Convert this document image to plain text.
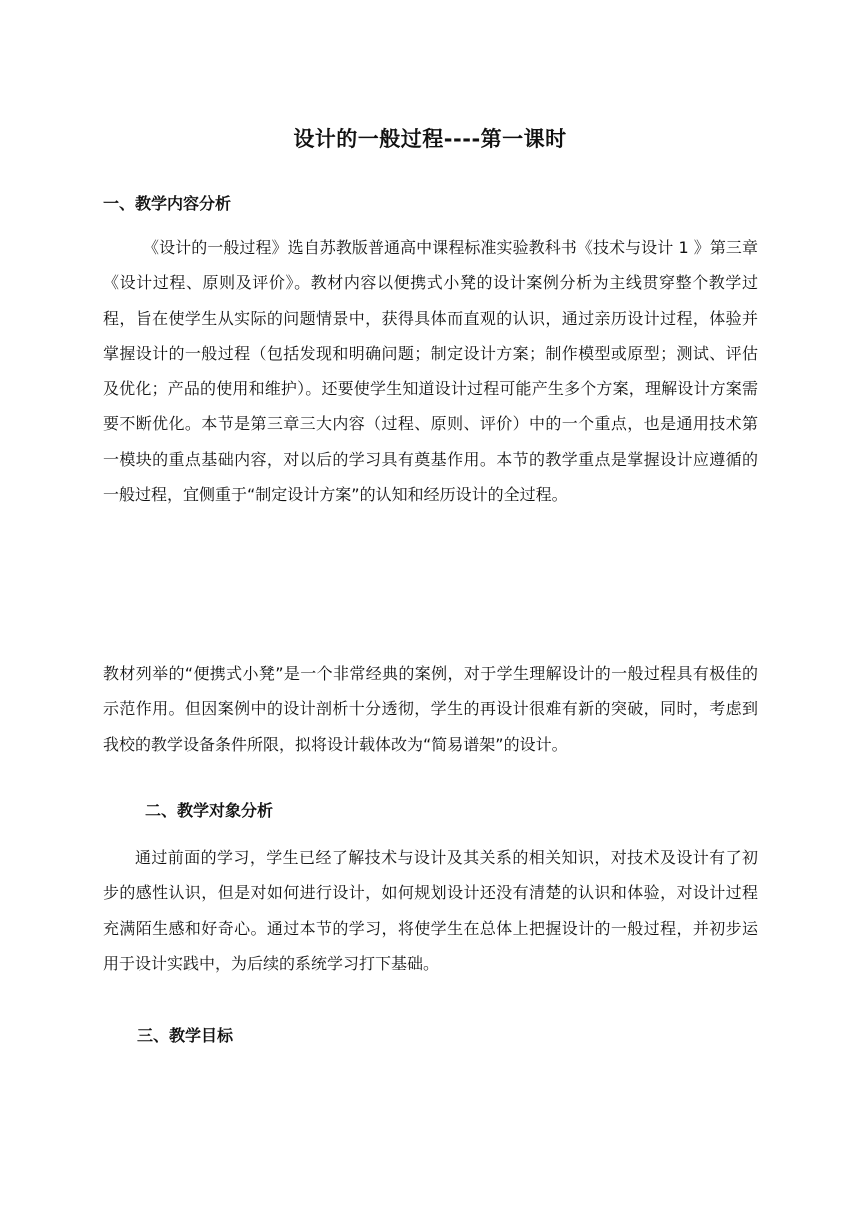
设计的一般过程----第一课时
一、教学内容分析

《设计的一般过程》选自苏教版普通高中课程标准实验教科书《技术与设计 1 》第三章《设计过程、原则及评价》。教材内容以便携式小凳的设计案例分析为主线贯穿整个教学过程，旨在使学生从实际的问题情景中，获得具体而直观的认识，通过亲历设计过程，体验并掌握设计的一般过程（包括发现和明确问题；制定设计方案；制作模型或原型；测试、评估及优化；产品的使用和维护）。还要使学生知道设计过程可能产生多个方案，理解设计方案需要不断优化。本节是第三章三大内容（过程、原则、评价）中的一个重点，也是通用技术第一模块的重点基础内容，对以后的学习具有奠基作用。本节的教学重点是掌握设计应遵循的一般过程，宜侧重于“制定设计方案”的认知和经历设计的全过程。

教材列举的“便携式小凳”是一个非常经典的案例，对于学生理解设计的一般过程具有极佳的示范作用。但因案例中的设计剖析十分透彻，学生的再设计很难有新的突破，同时，考虑到我校的教学设备条件所限，拟将设计载体改为“简易谱架”的设计。

二、教学对象分析

通过前面的学习，学生已经了解技术与设计及其关系的相关知识，对技术及设计有了初步的感性认识，但是对如何进行设计，如何规划设计还没有清楚的认识和体验，对设计过程充满陌生感和好奇心。通过本节的学习，将使学生在总体上把握设计的一般过程，并初步运用于设计实践中，为后续的系统学习打下基础。

三、教学目标
